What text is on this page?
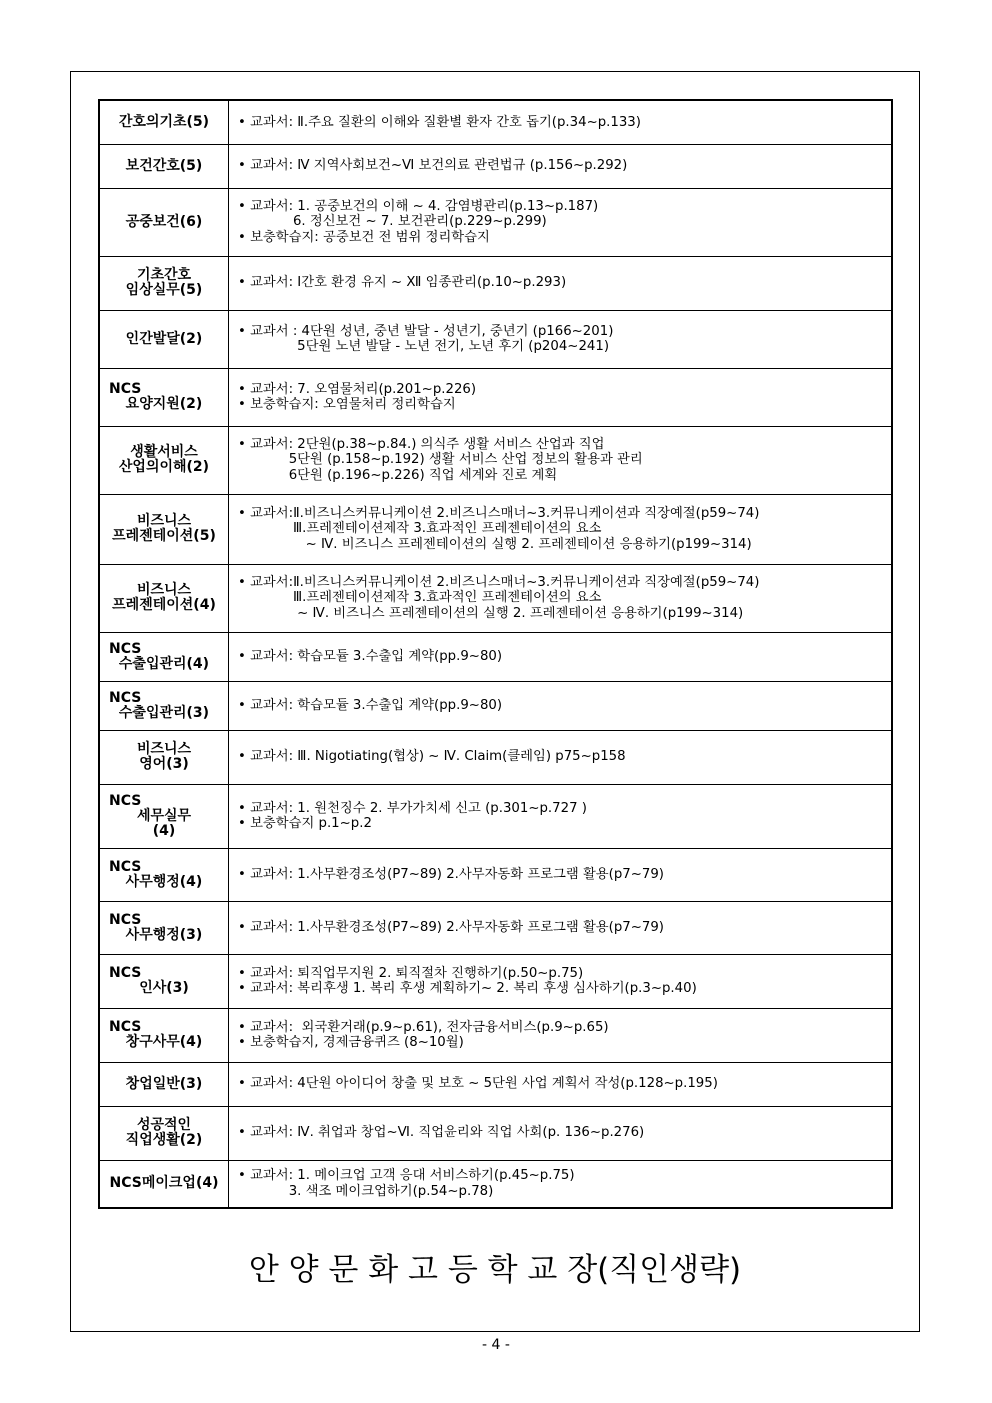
간호의기초(5)	• 교과서: Ⅱ.주요 질환의 이해와 질환별 환자 간호 돕기(p.34~p.133)

보건간호(5)	• 교과서: Ⅳ 지역사회보건~Ⅵ 보건의료 관련법규 (p.156~p.292)

공중보건(6)	• 교과서: 1. 공중보건의 이해 ~ 4. 감염병관리(p.13~p.187)
6. 정신보건 ~ 7. 보건관리(p.229~p.299)
• 보충학습지: 공중보건 전 범위 정리학습지

기초간호
임상실무(5)	• 교과서: Ⅰ간호 환경 유지 ~ Ⅻ 임종관리(p.10~p.293)

인간발달(2)	• 교과서 : 4단원 성년, 중년 발달 - 성년기, 중년기 (p166~201)
5단원 노년 발달 - 노년 전기, 노년 후기 (p204~241)

NCS
요양지원(2)	• 교과서: 7. 오염물처리(p.201~p.226)
• 보충학습지: 오염물처리 정리학습지

생활서비스
산업의이해(2)	• 교과서: 2단원(p.38~p.84.) 의식주 생활 서비스 산업과 직업
5단원 (p.158~p.192) 생활 서비스 산업 정보의 활용과 관리
6단원 (p.196~p.226) 직업 세계와 진로 계획

비즈니스
프레젠테이션(5)	• 교과서:Ⅱ.비즈니스커뮤니케이션 2.비즈니스매너~3.커뮤니케이션과 직장예절(p59~74)
Ⅲ.프레젠테이션제작 3.효과적인 프레젠테이션의 요소
~ Ⅳ. 비즈니스 프레젠테이션의 실행 2. 프레젠테이션 응용하기(p199~314)

비즈니스
프레젠테이션(4)	• 교과서:Ⅱ.비즈니스커뮤니케이션 2.비즈니스매너~3.커뮤니케이션과 직장예절(p59~74)
Ⅲ.프레젠테이션제작 3.효과적인 프레젠테이션의 요소
~ Ⅳ. 비즈니스 프레젠테이션의 실행 2. 프레젠테이션 응용하기(p199~314)

NCS
수출입관리(4)	• 교과서: 학습모듈 3.수출입 계약(pp.9~80)

NCS
수출입관리(3)	• 교과서: 학습모듈 3.수출입 계약(pp.9~80)

비즈니스
영어(3)	• 교과서: Ⅲ. Nigotiating(협상) ~ Ⅳ. Claim(클레임) p75~p158

NCS
세무실무
(4)	• 교과서: 1. 원천징수 2. 부가가치세 신고 (p.301~p.727 )
• 보충학습지 p.1~p.2

NCS
사무행정(4)	• 교과서: 1.사무환경조성(P7~89) 2.사무자동화 프로그램 활용(p7~79)

NCS
사무행정(3)	• 교과서: 1.사무환경조성(P7~89) 2.사무자동화 프로그램 활용(p7~79)

NCS
인사(3)	• 교과서: 퇴직업무지원 2. 퇴직절차 진행하기(p.50~p.75)
• 교과서: 복리후생 1. 복리 후생 계획하기~ 2. 복리 후생 심사하기(p.3~p.40)

NCS
창구사무(4)	• 교과서:  외국환거래(p.9~p.61), 전자금융서비스(p.9~p.65)
• 보충학습지, 경제금융퀴즈 (8~10월)

창업일반(3)	• 교과서: 4단원 아이디어 창출 및 보호 ~ 5단원 사업 계획서 작성(p.128~p.195)

성공적인
직업생활(2)	• 교과서: Ⅳ. 취업과 창업~Ⅵ. 직업윤리와 직업 사회(p. 136~p.276)

NCS메이크업(4)	• 교과서: 1. 메이크업 고객 응대 서비스하기(p.45~p.75)
3. 색조 메이크업하기(p.54~p.78)
안 양 문 화 고 등 학 교 장(직인생략)
- 4 -
